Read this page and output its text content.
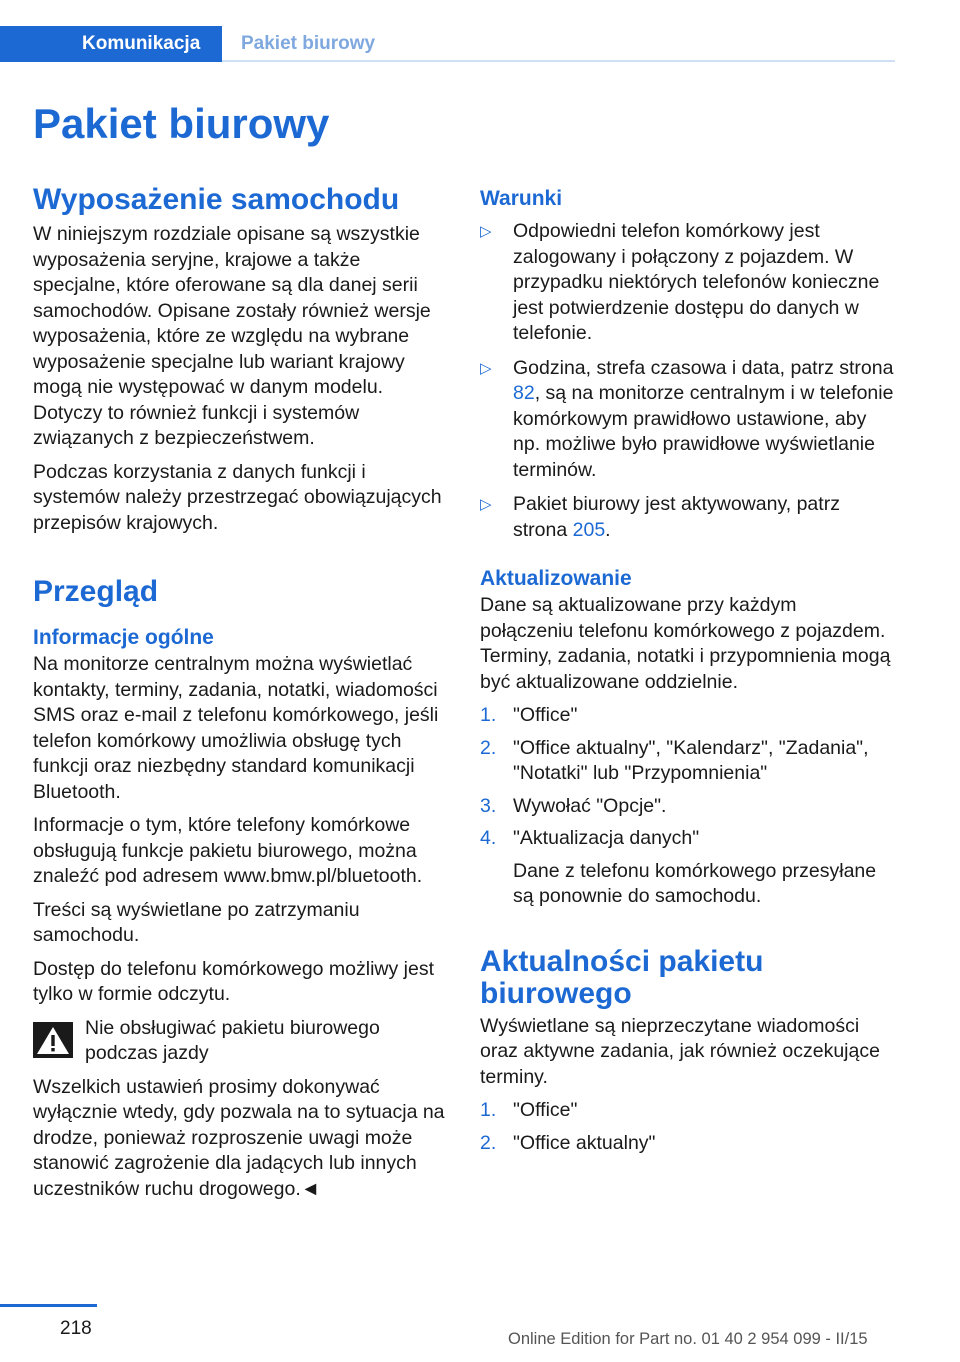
Komunikacja	Pakiet biurowy
Pakiet biurowy
Wyposażenie samochodu

W niniejszym rozdziale opisane są wszystkie wyposażenia seryjne, krajowe a także specjalne, które oferowane są dla danej serii samochodów. Opisane zostały również wersje wyposażenia, które ze względu na wybrane wyposażenie specjalne lub wariant krajowy mogą nie występować w danym modelu. Dotyczy to również funkcji i systemów związanych z bezpieczeństwem.

Podczas korzystania z danych funkcji i systemów należy przestrzegać obowiązujących przepisów krajowych.

Przegląd
Informacje ogólne

Na monitorze centralnym można wyświetlać kontakty, terminy, zadania, notatki, wiadomości SMS oraz e-mail z telefonu komórkowego, jeśli telefon komórkowy umożliwia obsługę tych funkcji oraz niezbędny standard komunikacji Bluetooth.

Informacje o tym, które telefony komórkowe obsługują funkcje pakietu biurowego, można znaleźć pod adresem www.bmw.pl/bluetooth.

Treści są wyświetlane po zatrzymaniu samochodu.

Dostęp do telefonu komórkowego możliwy jest tylko w formie odczytu.

Nie obsługiwać pakietu biurowego podczas jazdy

Wszelkich ustawień prosimy dokonywać wyłącznie wtedy, gdy pozwala na to sytuacja na drodze, ponieważ rozproszenie uwagi może stanowić zagrożenie dla jadących lub innych uczestników ruchu drogowego.◄

Warunki
▷ Odpowiedni telefon komórkowy jest zalogowany i połączony z pojazdem. W przypadku niektórych telefonów konieczne jest potwierdzenie dostępu do danych w telefonie.
▷ Godzina, strefa czasowa i data, patrz strona 82, są na monitorze centralnym i w telefonie komórkowym prawidłowo ustawione, aby np. możliwe było prawidłowe wyświetlanie terminów.
▷ Pakiet biurowy jest aktywowany, patrz strona 205.
Aktualizowanie

Dane są aktualizowane przy każdym połączeniu telefonu komórkowego z pojazdem. Terminy, zadania, notatki i przypomnienia mogą być aktualizowane oddzielnie.

1. "Office"
2. "Office aktualny", "Kalendarz", "Zadania", "Notatki" lub "Przypomnienia"
3. Wywołać "Opcje".
4. "Aktualizacja danych"
Dane z telefonu komórkowego przesyłane są ponownie do samochodu.
Aktualności pakietu biurowego

Wyświetlane są nieprzeczytane wiadomości oraz aktywne zadania, jak również oczekujące terminy.

1. "Office"
2. "Office aktualny"
218	Online Edition for Part no. 01 40 2 954 099 - II/15
